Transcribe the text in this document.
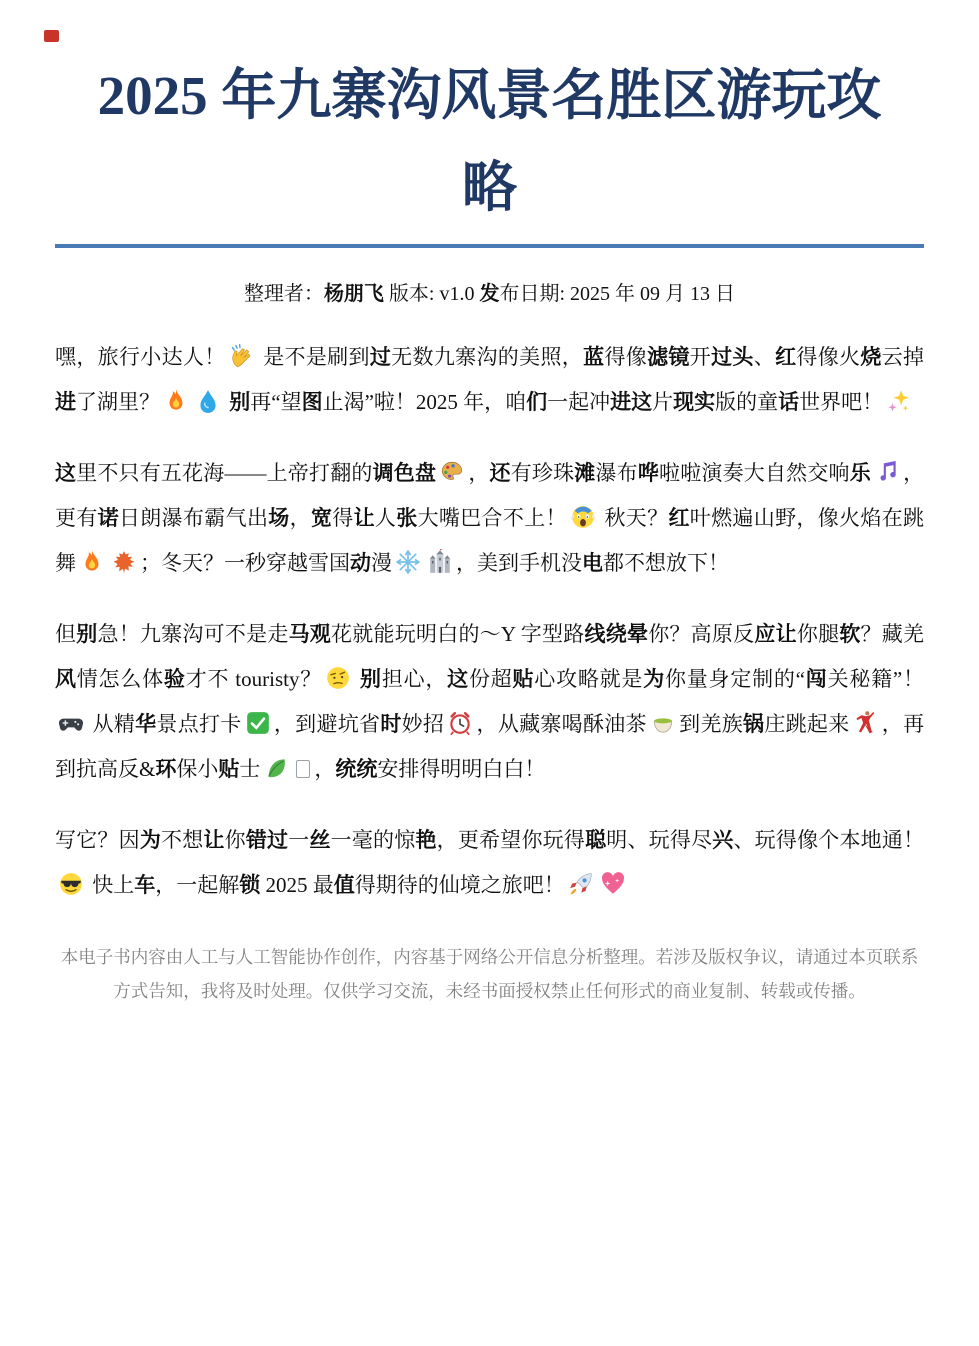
2025 年九寨沟风景名胜区游玩攻略

整理者：杨朋飞 版本: v1.0 发布日期: 2025 年 09 月 13 日

嘿，旅行小达人！ 是不是刷到过无数九寨沟的美照，蓝得像滤镜开过头、红得像火烧云掉进了湖里？	别再“望图止渴”啦！2025 年，咱们一起冲进这片现实版的童话世界吧！

这里不只有五花海——上帝打翻的调色盘 ，还有珍珠滩瀑布哗啦啦演奏大自然交响乐 ，更有诺日朗瀑布霸气出场，宽得让人张大嘴巴合不上！ 秋天？红叶燃遍山野，像火焰在跳舞	；冬天？一秒穿越雪国动漫	，美到手机没电都不想放下！

但别急！九寨沟可不是走马观花就能玩明白的～Y 字型路线绕晕你？高原反应让你腿软？藏羌风情怎么体验才不 touristy？ 别担心，这份超贴心攻略就是为你量身定制的“闯关秘籍”！ 从精华景点打卡 ，到避坑省时妙招 ，从藏寨喝酥油茶 到羌族锅庄跳起来 ，再到抗高反&环保小贴士	，统统安排得明明白白！

写它？因为不想让你错过一丝一毫的惊艳，更希望你玩得聪明、玩得尽兴、玩得像个本地通！ 快上车，一起解锁 2025 最值得期待的仙境之旅吧！

本电子书内容由人工与人工智能协作创作，内容基于网络公开信息分析整理。若涉及版权争议，请通过本页联系方式告知，我将及时处理。仅供学习交流，未经书面授权禁止任何形式的商业复制、转载或传播。
